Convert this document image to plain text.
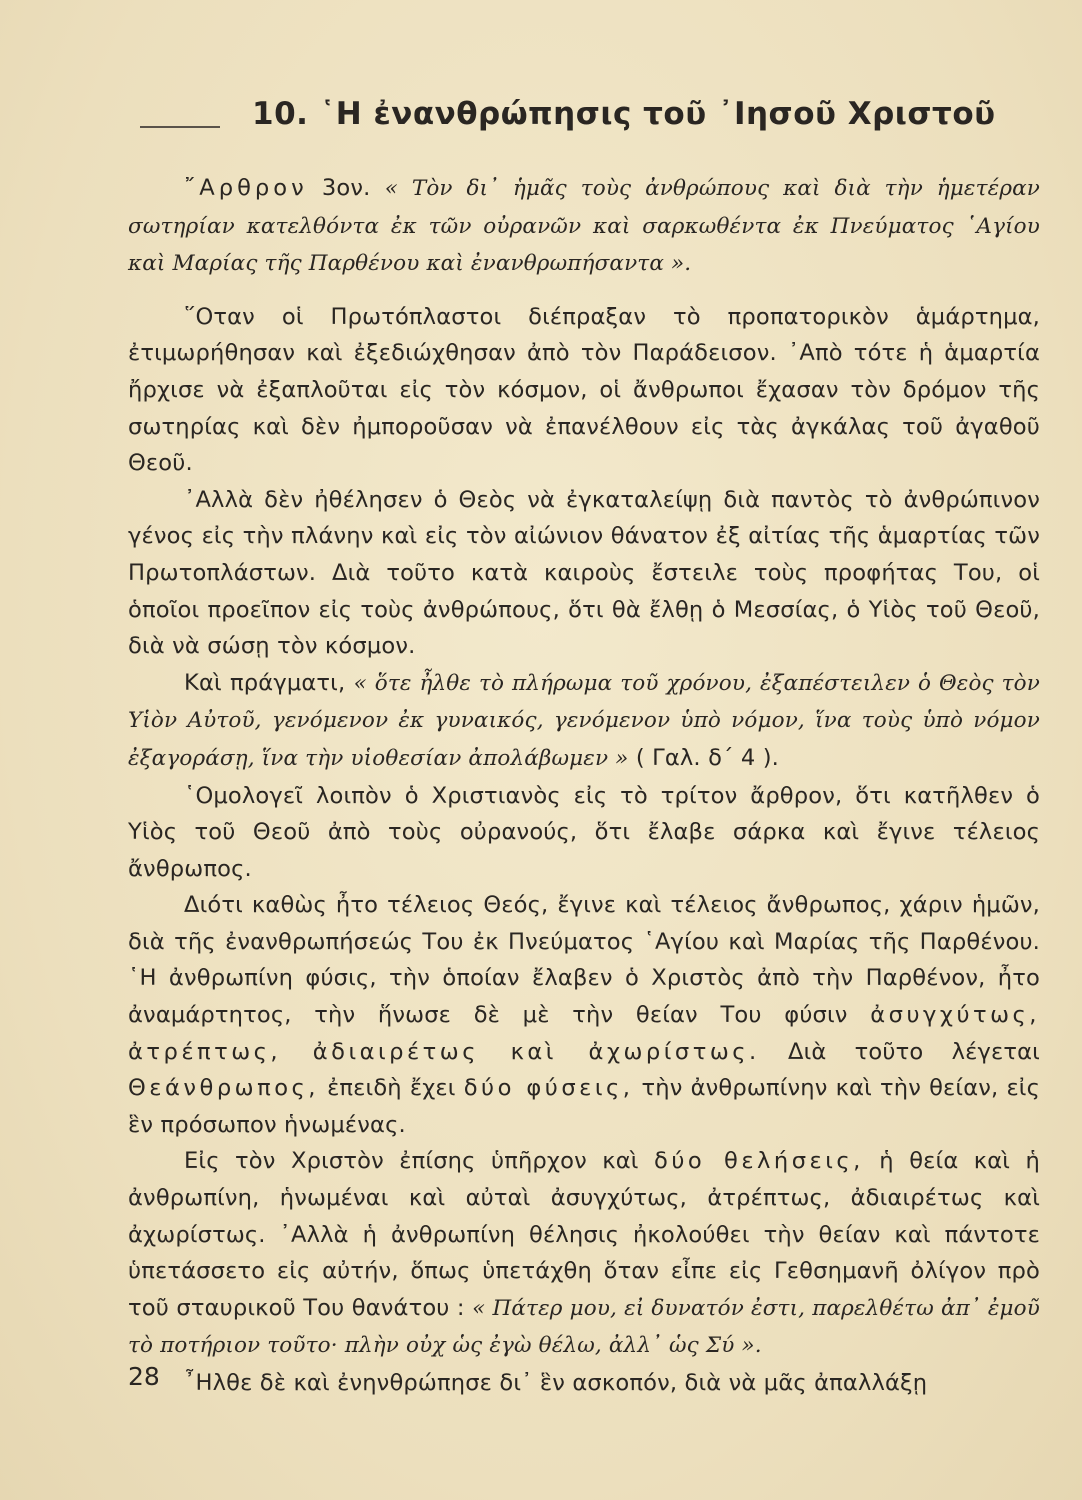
10. ῾Η ἐνανθρώπησις τοῦ ᾿Ιησοῦ Χριστοῦ

῎Αρθρον 3ον. « Τὸν δι᾿ ἡμᾶς τοὺς ἀνθρώπους καὶ διὰ τὴν ἡμετέραν σωτηρίαν κατελθόντα ἐκ τῶν οὐρανῶν καὶ σαρκωθέντα ἐκ Πνεύματος ῾Αγίου καὶ Μαρίας τῆς Παρθένου καὶ ἐνανθρωπήσαντα ».

῞Οταν οἱ Πρωτόπλαστοι διέπραξαν τὸ προπατορικὸν ἁμάρτημα, ἐτιμωρήθησαν καὶ ἐξεδιώχθησαν ἀπὸ τὸν Παράδεισον. ᾿Απὸ τότε ἡ ἁμαρτία ἤρχισε νὰ ἐξαπλοῦται εἰς τὸν κόσμον, οἱ ἄνθρωποι ἔχασαν τὸν δρόμον τῆς σωτηρίας καὶ δὲν ἠμποροῦσαν νὰ ἐπανέλθουν εἰς τὰς ἀγκάλας τοῦ ἀγαθοῦ Θεοῦ.

᾿Αλλὰ δὲν ἠθέλησεν ὁ Θεὸς νὰ ἐγκαταλείψῃ διὰ παντὸς τὸ ἀνθρώπινον γένος εἰς τὴν πλάνην καὶ εἰς τὸν αἰώνιον θάνατον ἐξ αἰτίας τῆς ἁμαρτίας τῶν Πρωτοπλάστων. Διὰ τοῦτο κατὰ καιροὺς ἔστειλε τοὺς προφήτας Του, οἱ ὁποῖοι προεῖπον εἰς τοὺς ἀνθρώπους, ὅτι θὰ ἔλθῃ ὁ Μεσσίας, ὁ Υἱὸς τοῦ Θεοῦ, διὰ νὰ σώσῃ τὸν κόσμον.

Καὶ πράγματι, « ὅτε ἦλθε τὸ πλήρωμα τοῦ χρόνου, ἐξαπέστειλεν ὁ Θεὸς τὸν Υἱὸν Αὐτοῦ, γενόμενον ἐκ γυναικός, γενόμενον ὑπὸ νόμον, ἵνα τοὺς ὑπὸ νόμον ἐξαγοράσῃ, ἵνα τὴν υἱοθεσίαν ἀπολάβωμεν » ( Γαλ. δ΄ 4 ).

῾Ομολογεῖ λοιπὸν ὁ Χριστιανὸς εἰς τὸ τρίτον ἄρθρον, ὅτι κατῆλθεν ὁ Υἱὸς τοῦ Θεοῦ ἀπὸ τοὺς οὐρανούς, ὅτι ἔλαβε σάρκα καὶ ἔγινε τέλειος ἄνθρωπος.

Διότι καθὼς ἦτο τέλειος Θεός, ἔγινε καὶ τέλειος ἄνθρωπος, χάριν ἡμῶν, διὰ τῆς ἐνανθρωπήσεώς Του ἐκ Πνεύματος ῾Αγίου καὶ Μαρίας τῆς Παρθένου. ῾Η ἀνθρωπίνη φύσις, τὴν ὁποίαν ἔλαβεν ὁ Χριστὸς ἀπὸ τὴν Παρθένον, ἦτο ἀναμάρτητος, τὴν ἥνωσε δὲ μὲ τὴν θείαν Του φύσιν ἀσυγχύτως, ἀτρέπτως, ἀδιαιρέτως καὶ ἀχωρίστως. Διὰ τοῦτο λέγεται Θεάνθρωπος, ἐπειδὴ ἔχει δύο φύσεις, τὴν ἀνθρωπίνην καὶ τὴν θείαν, εἰς ἓν πρόσωπον ἡνωμένας.

Εἰς τὸν Χριστὸν ἐπίσης ὑπῆρχον καὶ δύο θελήσεις, ἡ θεία καὶ ἡ ἀνθρωπίνη, ἡνωμέναι καὶ αὐταὶ ἀσυγχύτως, ἀτρέπτως, ἀδιαιρέτως καὶ ἀχωρίστως. ᾿Αλλὰ ἡ ἀνθρωπίνη θέλησις ἠκολούθει τὴν θείαν καὶ πάντοτε ὑπετάσσετο εἰς αὐτήν, ὅπως ὑπετάχθη ὅταν εἶπε εἰς Γεθσημανῆ ὀλίγον πρὸ τοῦ σταυρικοῦ Του θανάτου : « Πάτερ μου, εἰ δυνατόν ἐστι, παρελθέτω ἀπ᾿ ἐμοῦ τὸ ποτήριον τοῦτο· πλὴν οὐχ ὡς ἐγὼ θέλω, ἀλλ᾿ ὡς Σύ ».

῏Ηλθε δὲ καὶ ἐνηνθρώπησε δι᾿ ἓν ασκοπόν, διὰ νὰ μᾶς ἀπαλλάξῃ

28
